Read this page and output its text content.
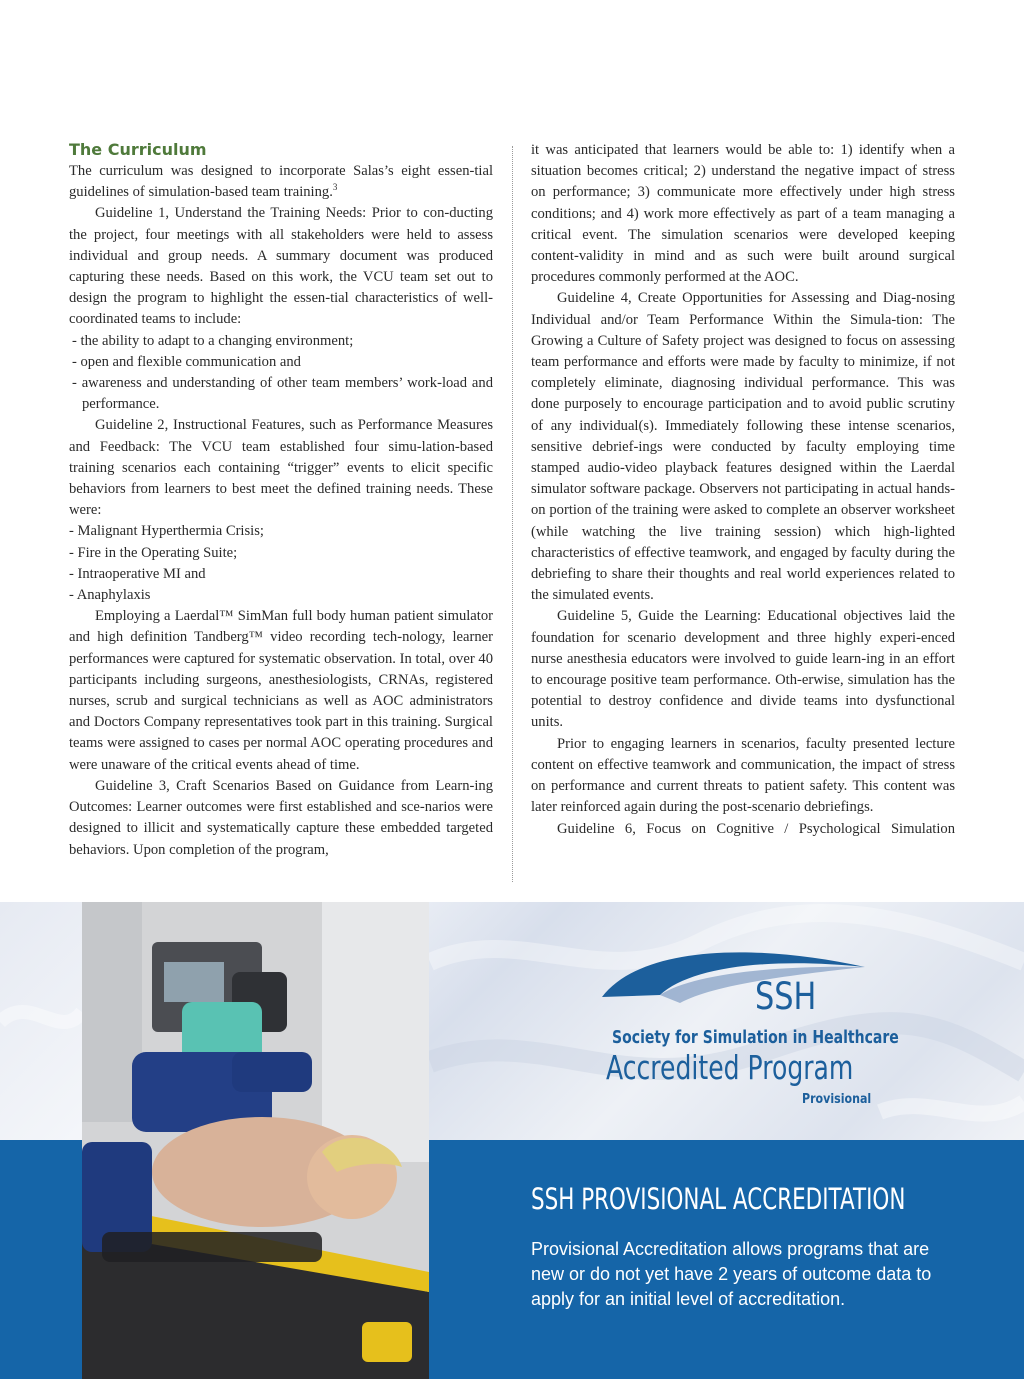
The Curriculum

The curriculum was designed to incorporate Salas’s eight essen-tial guidelines of simulation-based team training.$^3$

Guideline 1, Understand the Training Needs: Prior to con-ducting the project, four meetings with all stakeholders were held to assess individual and group needs. A summary document was produced capturing these needs. Based on this work, the VCU team set out to design the program to highlight the essen-tial characteristics of well-coordinated teams to include:

- the ability to adapt to a changing environment;

- open and flexible communication and

- awareness and understanding of other team members’ work-load and performance.

Guideline 2, Instructional Features, such as Performance Measures and Feedback: The VCU team established four simu-lation-based training scenarios each containing “trigger” events to elicit specific behaviors from learners to best meet the defined training needs. These were:

- Malignant Hyperthermia Crisis;

- Fire in the Operating Suite;

- Intraoperative MI and

- Anaphylaxis

Employing a Laerdal™ SimMan full body human patient simulator and high definition Tandberg™ video recording tech-nology, learner performances were captured for systematic observation. In total, over 40 participants including surgeons, anesthesiologists, CRNAs, registered nurses, scrub and surgical technicians as well as AOC administrators and Doctors Company representatives took part in this training. Surgical teams were assigned to cases per normal AOC operating procedures and were unaware of the critical events ahead of time.

Guideline 3, Craft Scenarios Based on Guidance from Learn-ing Outcomes: Learner outcomes were first established and sce-narios were designed to illicit and systematically capture these embedded targeted behaviors. Upon completion of the program,

it was anticipated that learners would be able to: 1) identify when a situation becomes critical; 2) understand the negative impact of stress on performance; 3) communicate more effectively under high stress conditions; and 4) work more effectively as part of a team managing a critical event. The simulation scenarios were developed keeping content-validity in mind and as such were built around surgical procedures commonly performed at the AOC.

Guideline 4, Create Opportunities for Assessing and Diag-nosing Individual and/or Team Performance Within the Simula-tion: The Growing a Culture of Safety project was designed to focus on assessing team performance and efforts were made by faculty to minimize, if not completely eliminate, diagnosing individual performance. This was done purposely to encourage participation and to avoid public scrutiny of any individual(s). Immediately following these intense scenarios, sensitive debrief-ings were conducted by faculty employing time stamped audio-video playback features designed within the Laerdal simulator software package. Observers not participating in actual hands-on portion of the training were asked to complete an observer worksheet (while watching the live training session) which high-lighted characteristics of effective teamwork, and engaged by faculty during the debriefing to share their thoughts and real world experiences related to the simulated events.

Guideline 5, Guide the Learning: Educational objectives laid the foundation for scenario development and three highly experi-enced nurse anesthesia educators were involved to guide learn-ing in an effort to encourage positive team performance. Oth-erwise, simulation has the potential to destroy confidence and divide teams into dysfunctional units.

Prior to engaging learners in scenarios, faculty presented lecture content on effective teamwork and communication, the impact of stress on performance and current threats to patient safety. This content was later reinforced again during the post-scenario debriefings.

Guideline 6, Focus on Cognitive / Psychological Simulation

SSH
Society for Simulation in Healthcare
Accredited Program
Provisional
SSH PROVISIONAL ACCREDITATION
Provisional Accreditation allows programs that are new or do not yet have 2 years of outcome data to apply for an initial level of accreditation.
